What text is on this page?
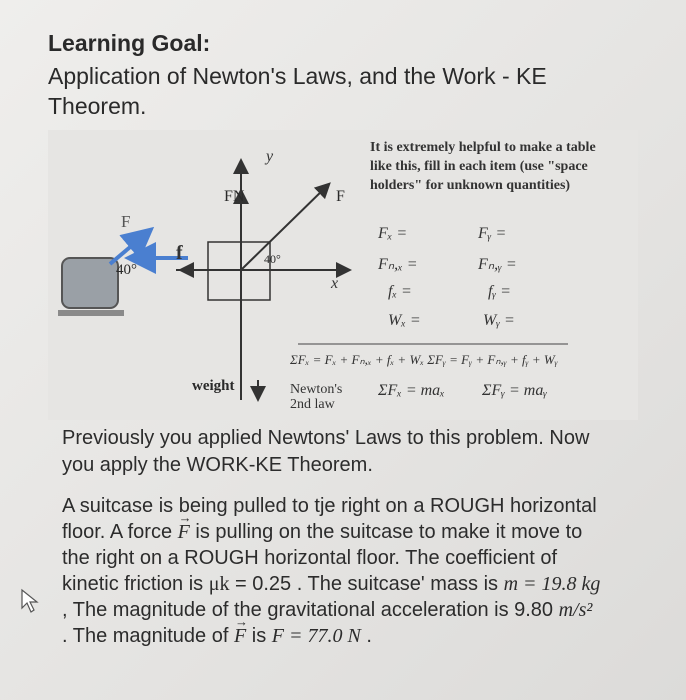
Learning Goal:
Application of Newton's Laws, and the Work - KE Theorem.
y
x
FN	F
F
f
40°
40°
weight
It is extremely helpful to make a table like this, fill in each item (use "space holders" for unknown quantities)
Fₓ =	Fᵧ =
Fₙ,ₓ =	Fₙ,ᵧ =
fₓ =	fᵧ =
Wₓ =	Wᵧ =
ΣFₓ = Fₓ + Fₙ,ₓ + fₓ + Wₓ ΣFᵧ = Fᵧ + Fₙ,ᵧ + fᵧ + Wᵧ
Newton's 2nd law
ΣFₓ = maₓ ΣFᵧ = maᵧ
Previously you applied Newtons' Laws to this problem. Now you apply the WORK-KE Theorem.
A suitcase is being pulled to tje right on a ROUGH horizontal floor. A force → F is pulling on the suitcase to make it move to the right on a ROUGH horizontal floor. The coefficient of kinetic friction is μk = 0.25 . The suitcase' mass is m = 19.8 kg , The magnitude of the gravitational acceleration is 9.80 m/s² . The magnitude of → F is F = 77.0 N .
